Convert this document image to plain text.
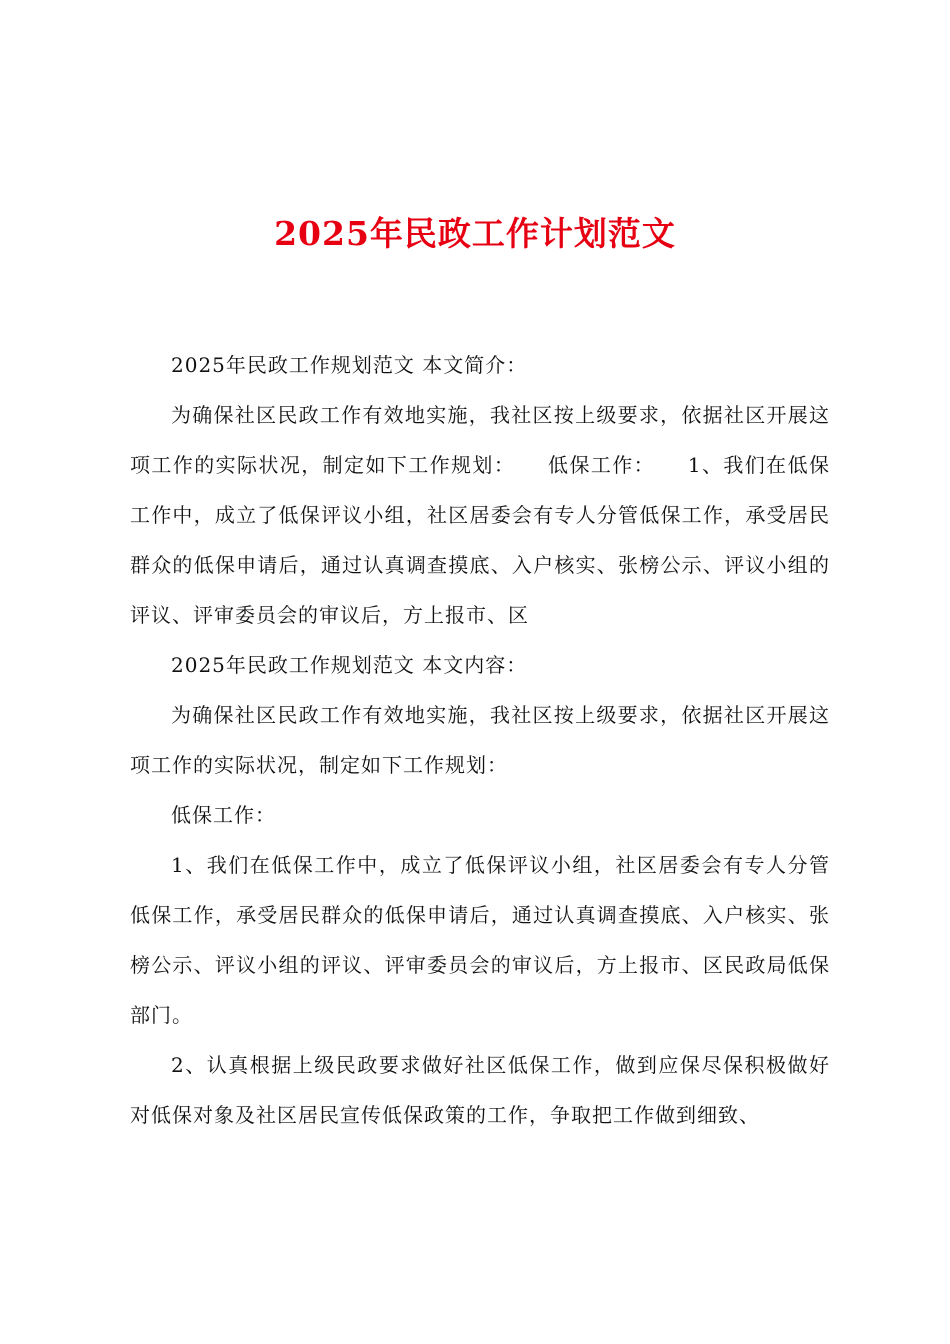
2025年民政工作计划范文

2025年民政工作规划范文 本文简介：

为确保社区民政工作有效地实施，我社区按上级要求，依据社区开展这项工作的实际状况，制定如下工作规划：　　低保工作：　　1、我们在低保工作中，成立了低保评议小组，社区居委会有专人分管低保工作，承受居民群众的低保申请后，通过认真调查摸底、入户核实、张榜公示、评议小组的评议、评审委员会的审议后，方上报市、区

2025年民政工作规划范文 本文内容：

为确保社区民政工作有效地实施，我社区按上级要求，依据社区开展这项工作的实际状况，制定如下工作规划：

低保工作：

1、我们在低保工作中，成立了低保评议小组，社区居委会有专人分管低保工作，承受居民群众的低保申请后，通过认真调查摸底、入户核实、张榜公示、评议小组的评议、评审委员会的审议后，方上报市、区民政局低保部门。

2、认真根据上级民政要求做好社区低保工作，做到应保尽保积极做好对低保对象及社区居民宣传低保政策的工作，争取把工作做到细致、
